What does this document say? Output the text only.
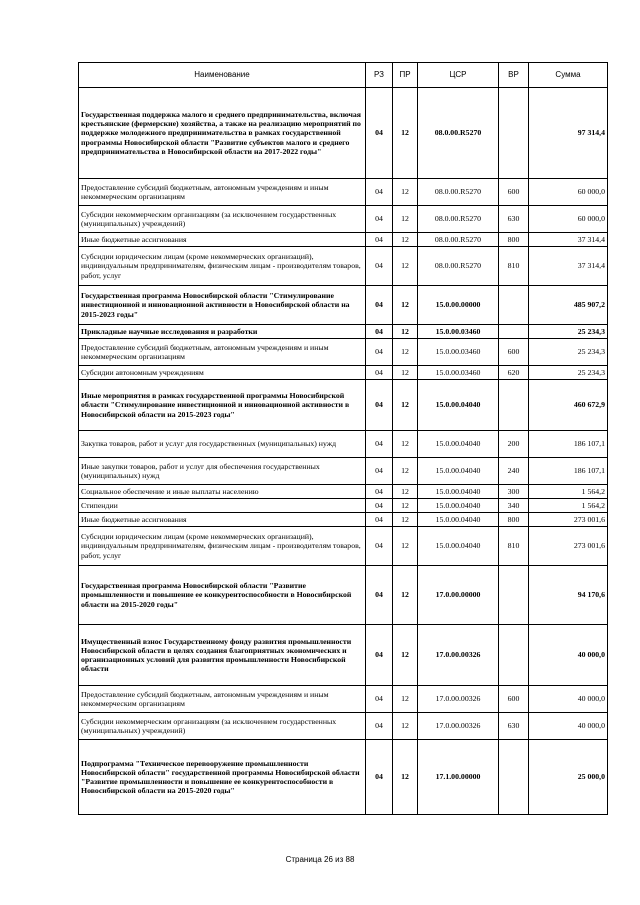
Наименование	РЗ	ПР	ЦСР	ВР	Сумма
Государственная поддержка малого и среднего предпринимательства, включая крестьянские (фермерские) хозяйства, а также на реализацию мероприятий по поддержке молодежного предпринимательства в рамках государственной программы Новосибирской области "Развитие субъектов малого и среднего предпринимательства в Новосибирской области на 2017-2022 годы"	04	12	08.0.00.R5270		97 314,4
Предоставление субсидий бюджетным, автономным учреждениям и иным некоммерческим организациям	04	12	08.0.00.R5270	600	60 000,0
Субсидии некоммерческим организациям (за исключением государственных (муниципальных) учреждений)	04	12	08.0.00.R5270	630	60 000,0
Иные бюджетные ассигнования	04	12	08.0.00.R5270	800	37 314,4
Субсидии юридическим лицам (кроме некоммерческих организаций), индивидуальным предпринимателям, физическим лицам - производителям товаров, работ, услуг	04	12	08.0.00.R5270	810	37 314,4
Государственная программа Новосибирской области "Стимулирование инвестиционной и инновационной активности в Новосибирской области на 2015-2023 годы"	04	12	15.0.00.00000		485 907,2
Прикладные научные исследования и разработки	04	12	15.0.00.03460		25 234,3
Предоставление субсидий бюджетным, автономным учреждениям и иным некоммерческим организациям	04	12	15.0.00.03460	600	25 234,3
Субсидии автономным учреждениям	04	12	15.0.00.03460	620	25 234,3
Иные мероприятия в рамках государственной программы Новосибирской области "Стимулирование инвестиционной и инновационной активности в Новосибирской области на 2015-2023 годы"	04	12	15.0.00.04040		460 672,9
Закупка товаров, работ и услуг для государственных (муниципальных) нужд	04	12	15.0.00.04040	200	186 107,1
Иные закупки товаров, работ и услуг для обеспечения государственных (муниципальных) нужд	04	12	15.0.00.04040	240	186 107,1
Социальное обеспечение и иные выплаты населению	04	12	15.0.00.04040	300	1 564,2
Стипендии	04	12	15.0.00.04040	340	1 564,2
Иные бюджетные ассигнования	04	12	15.0.00.04040	800	273 001,6
Субсидии юридическим лицам (кроме некоммерческих организаций), индивидуальным предпринимателям, физическим лицам - производителям товаров, работ, услуг	04	12	15.0.00.04040	810	273 001,6
Государственная программа Новосибирской области "Развитие промышленности и повышение ее конкурентоспособности в Новосибирской области на 2015-2020 годы"	04	12	17.0.00.00000		94 170,6
Имущественный взнос Государственному фонду развития промышленности Новосибирской области в целях создания благоприятных экономических и организационных условий для развития промышленности Новосибирской области	04	12	17.0.00.00326		40 000,0
Предоставление субсидий бюджетным, автономным учреждениям и иным некоммерческим организациям	04	12	17.0.00.00326	600	40 000,0
Субсидии некоммерческим организациям (за исключением государственных (муниципальных) учреждений)	04	12	17.0.00.00326	630	40 000,0
Подпрограмма "Техническое перевооружение промышленности Новосибирской области" государственной программы Новосибирской области "Развитие промышленности и повышение ее конкурентоспособности в Новосибирской области на 2015-2020 годы"	04	12	17.1.00.00000		25 000,0
Страница 26 из 88
